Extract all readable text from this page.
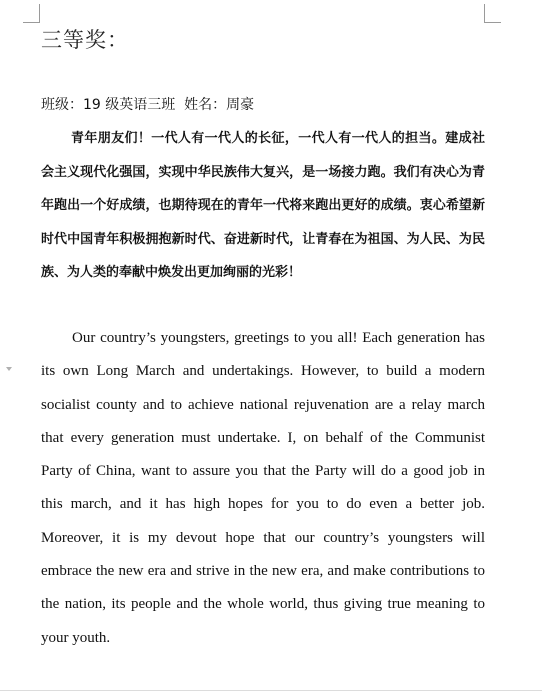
三等奖：
班级：19 级英语三班  姓名：周豪

青年朋友们！一代人有一代人的长征，一代人有一代人的担当。建成社会主义现代化强国，实现中华民族伟大复兴，是一场接力跑。我们有决心为青年跑出一个好成绩，也期待现在的青年一代将来跑出更好的成绩。衷心希望新时代中国青年积极拥抱新时代、奋进新时代，让青春在为祖国、为人民、为民族、为人类的奉献中焕发出更加绚丽的光彩！

Our country’s youngsters, greetings to you all! Each generation has its own Long March and undertakings. However, to build a modern socialist county and to achieve national rejuvenation are a relay march that every generation must undertake. I, on behalf of the Communist Party of China, want to assure you that the Party will do a good job in this march, and it has high hopes for you to do even a better job. Moreover, it is my devout hope that our country’s youngsters will embrace the new era and strive in the new era, and make contributions to the nation, its people and the whole world, thus giving true meaning to your youth.
